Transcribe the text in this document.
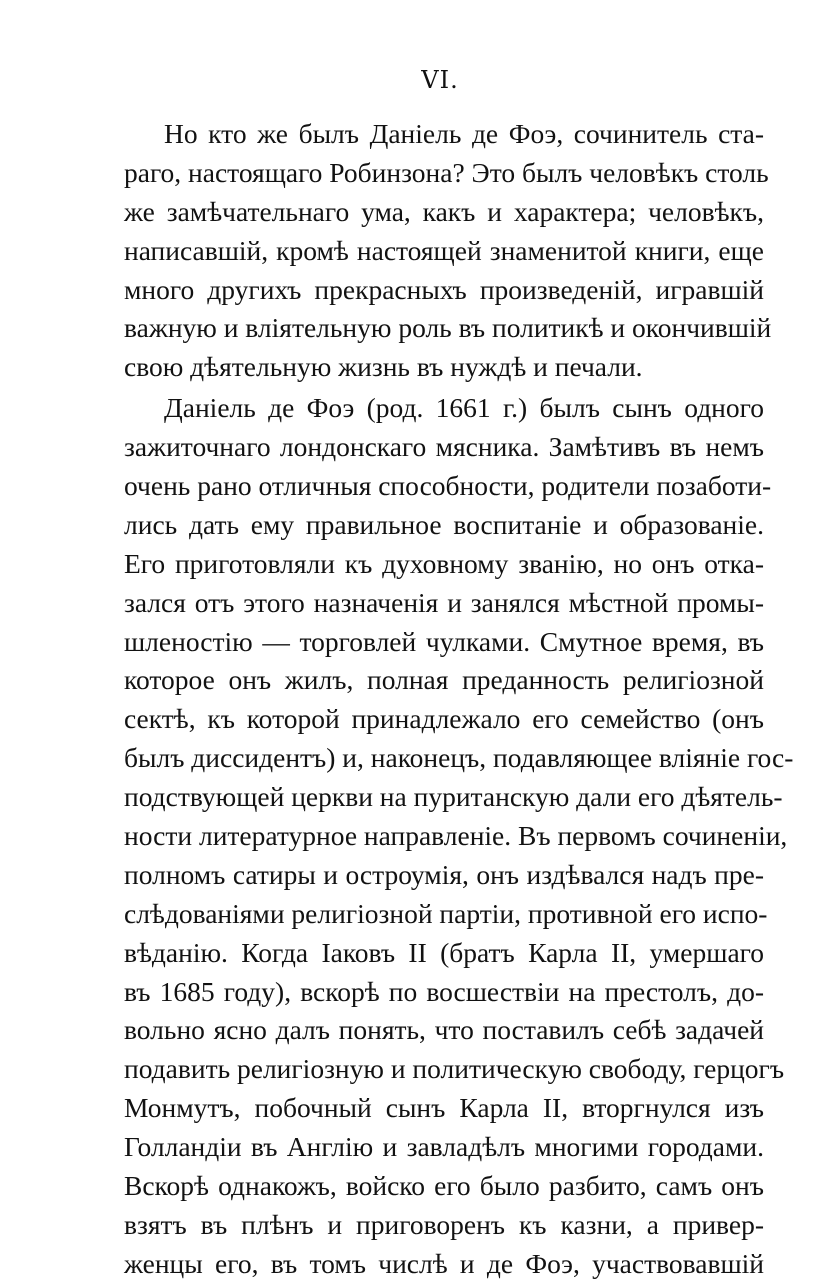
VI.
Но кто же былъ Даніель де Фоэ, сочинитель ста-
раго, настоящаго Робинзона? Это былъ человѣкъ столь
же замѣчательнаго ума, какъ и характера; человѣкъ,
написавшій, кромѣ настоящей знаменитой книги, еще
много другихъ прекрасныхъ произведеній, игравшій
важную и вліятельную роль въ политикѣ и окончившій
свою дѣятельную жизнь въ нуждѣ и печали.
Даніель де Фоэ (род. 1661 г.) былъ сынъ одного
зажиточнаго лондонскаго мясника. Замѣтивъ въ немъ
очень рано отличныя способности, родители позаботи-
лись дать ему правильное воспитаніе и образованіе.
Его приготовляли къ духовному званію, но онъ отка-
зался отъ этого назначенія и занялся мѣстной промы-
шленостію — торговлей чулками. Смутное время, въ
которое онъ жилъ, полная преданность религіозной
сектѣ, къ которой принадлежало его семейство (онъ
былъ диссидентъ) и, наконецъ, подавляющее вліяніе гос-
подствующей церкви на пуританскую дали его дѣятель-
ности литературное направленіе. Въ первомъ сочиненіи,
полномъ сатиры и остроумія, онъ издѣвался надъ пре-
слѣдованіями религіозной партіи, противной его испо-
вѣданію. Когда Іаковъ II (братъ Карла II, умершаго
въ 1685 году), вскорѣ по восшествіи на престолъ, до-
вольно ясно далъ понять, что поставилъ себѣ задачей
подавить религіозную и политическую свободу, герцогъ
Монмутъ, побочный сынъ Карла II, вторгнулся изъ
Голландіи въ Англію и завладѣлъ многими городами.
Вскорѣ однакожъ, войско его было разбито, самъ онъ
взятъ въ плѣнъ и приговоренъ къ казни, а привер-
женцы его, въ томъ числѣ и де Фоэ, участвовавшій
